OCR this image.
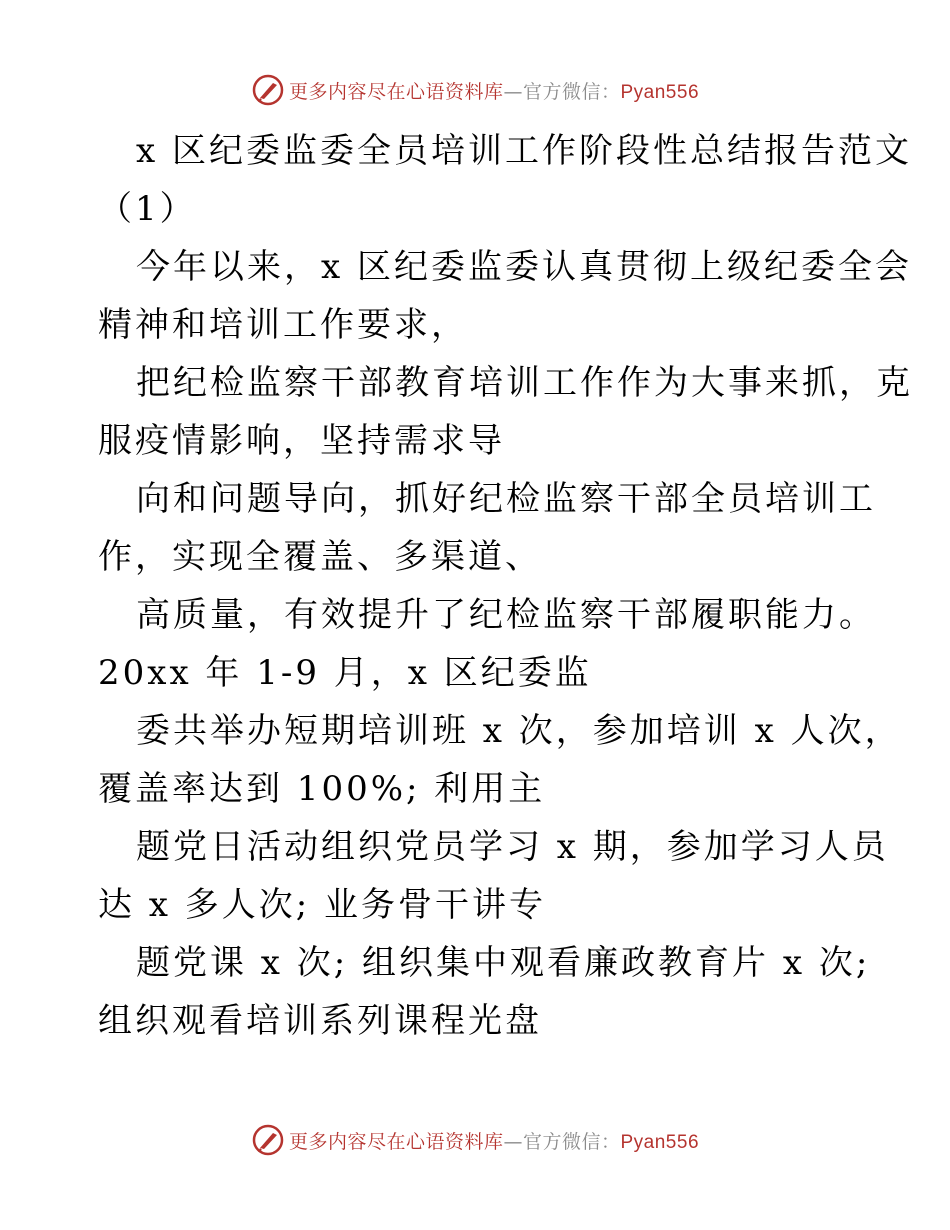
更多内容尽在心语资料库—官方微信：Pyan556
x 区纪委监委全员培训工作阶段性总结报告范文
（1）
今年以来，x 区纪委监委认真贯彻上级纪委全会
精神和培训工作要求，
把纪检监察干部教育培训工作作为大事来抓，克
服疫情影响，坚持需求导
向和问题导向，抓好纪检监察干部全员培训工
作，实现全覆盖、多渠道、
高质量，有效提升了纪检监察干部履职能力。
20xx 年 1-9 月，x 区纪委监
委共举办短期培训班 x 次，参加培训 x 人次，
覆盖率达到 100%; 利用主
题党日活动组织党员学习 x 期，参加学习人员
达 x 多人次; 业务骨干讲专
题党课 x 次; 组织集中观看廉政教育片 x 次;
组织观看培训系列课程光盘
更多内容尽在心语资料库—官方微信：Pyan556
